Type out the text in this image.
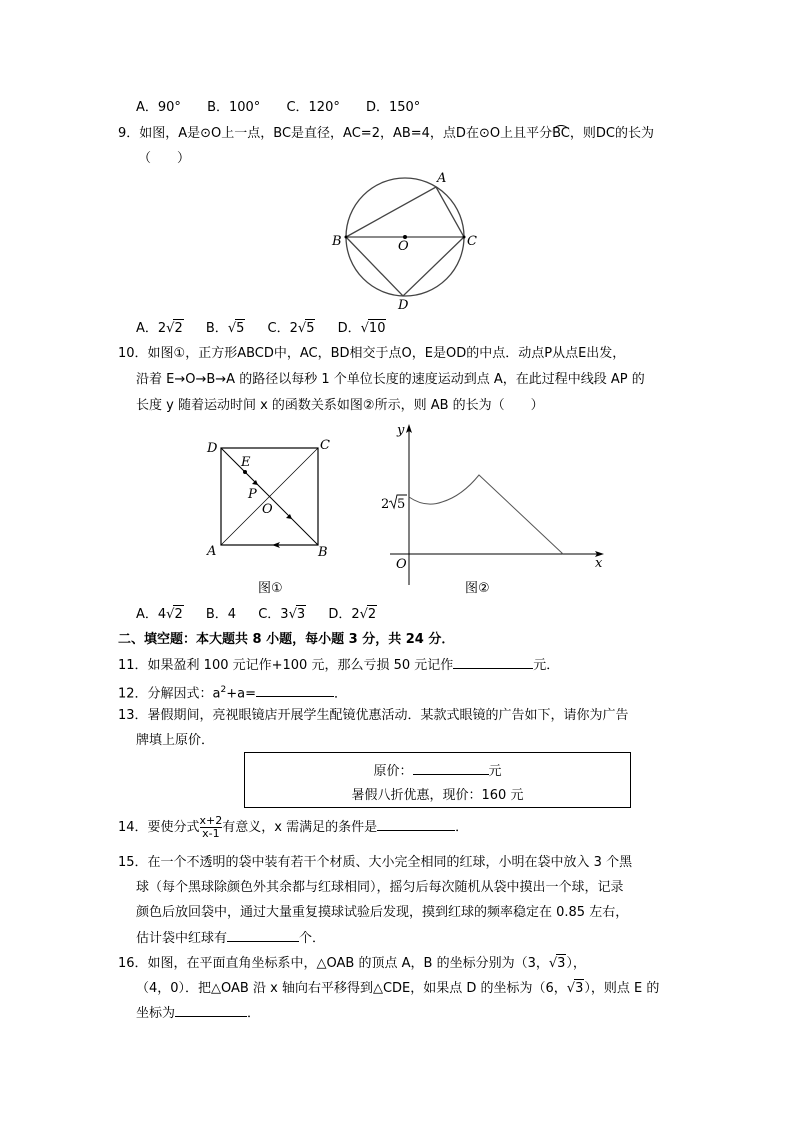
A．90° B．100° C．120° D．150°
9．如图，A是⊙O上一点，BC是直径，AC=2，AB=4，点D在⊙O上且平分BC，则DC的长为
（　　）
A
B	C
O
D
D	C
A	B
E
P
O
y
x
O
2 5
A．2√2 B．√5 C．2√5 D．√10
10．如图①，正方形ABCD中，AC，BD相交于点O，E是OD的中点．动点P从点E出发，
沿着 E→O→B→A 的路径以每秒 1 个单位长度的速度运动到点 A，在此过程中线段 AP 的
长度 y 随着运动时间 x 的函数关系如图②所示，则 AB 的长为（　　）
图①	图②
A．4√2 B．4 C．3√3 D．2√2
二、填空题：本大题共 8 小题，每小题 3 分，共 24 分．
11．如果盈利 100 元记作+100 元，那么亏损 50 元记作	元．
12．分解因式：$a^2+a=$	．
13．暑假期间，亮视眼镜店开展学生配镜优惠活动．某款式眼镜的广告如下，请你为广告
牌填上原价．
原价：	元
暑假八折优惠，现价：160 元
14．要使分式 $\frac{x+2}{x-1}$ 有意义，x 需满足的条件是	．
15．在一个不透明的袋中装有若干个材质、大小完全相同的红球，小明在袋中放入 3 个黑
球（每个黑球除颜色外其余都与红球相同），摇匀后每次随机从袋中摸出一个球，记录
颜色后放回袋中，通过大量重复摸球试验后发现，摸到红球的频率稳定在 0.85 左右，
估计袋中红球有	个．
16．如图，在平面直角坐标系中，△OAB 的顶点 A，B 的坐标分别为（3，√3），
（4，0）．把△OAB 沿 x 轴向右平移得到△CDE，如果点 D 的坐标为（6，√3），则点 E 的
坐标为	．
